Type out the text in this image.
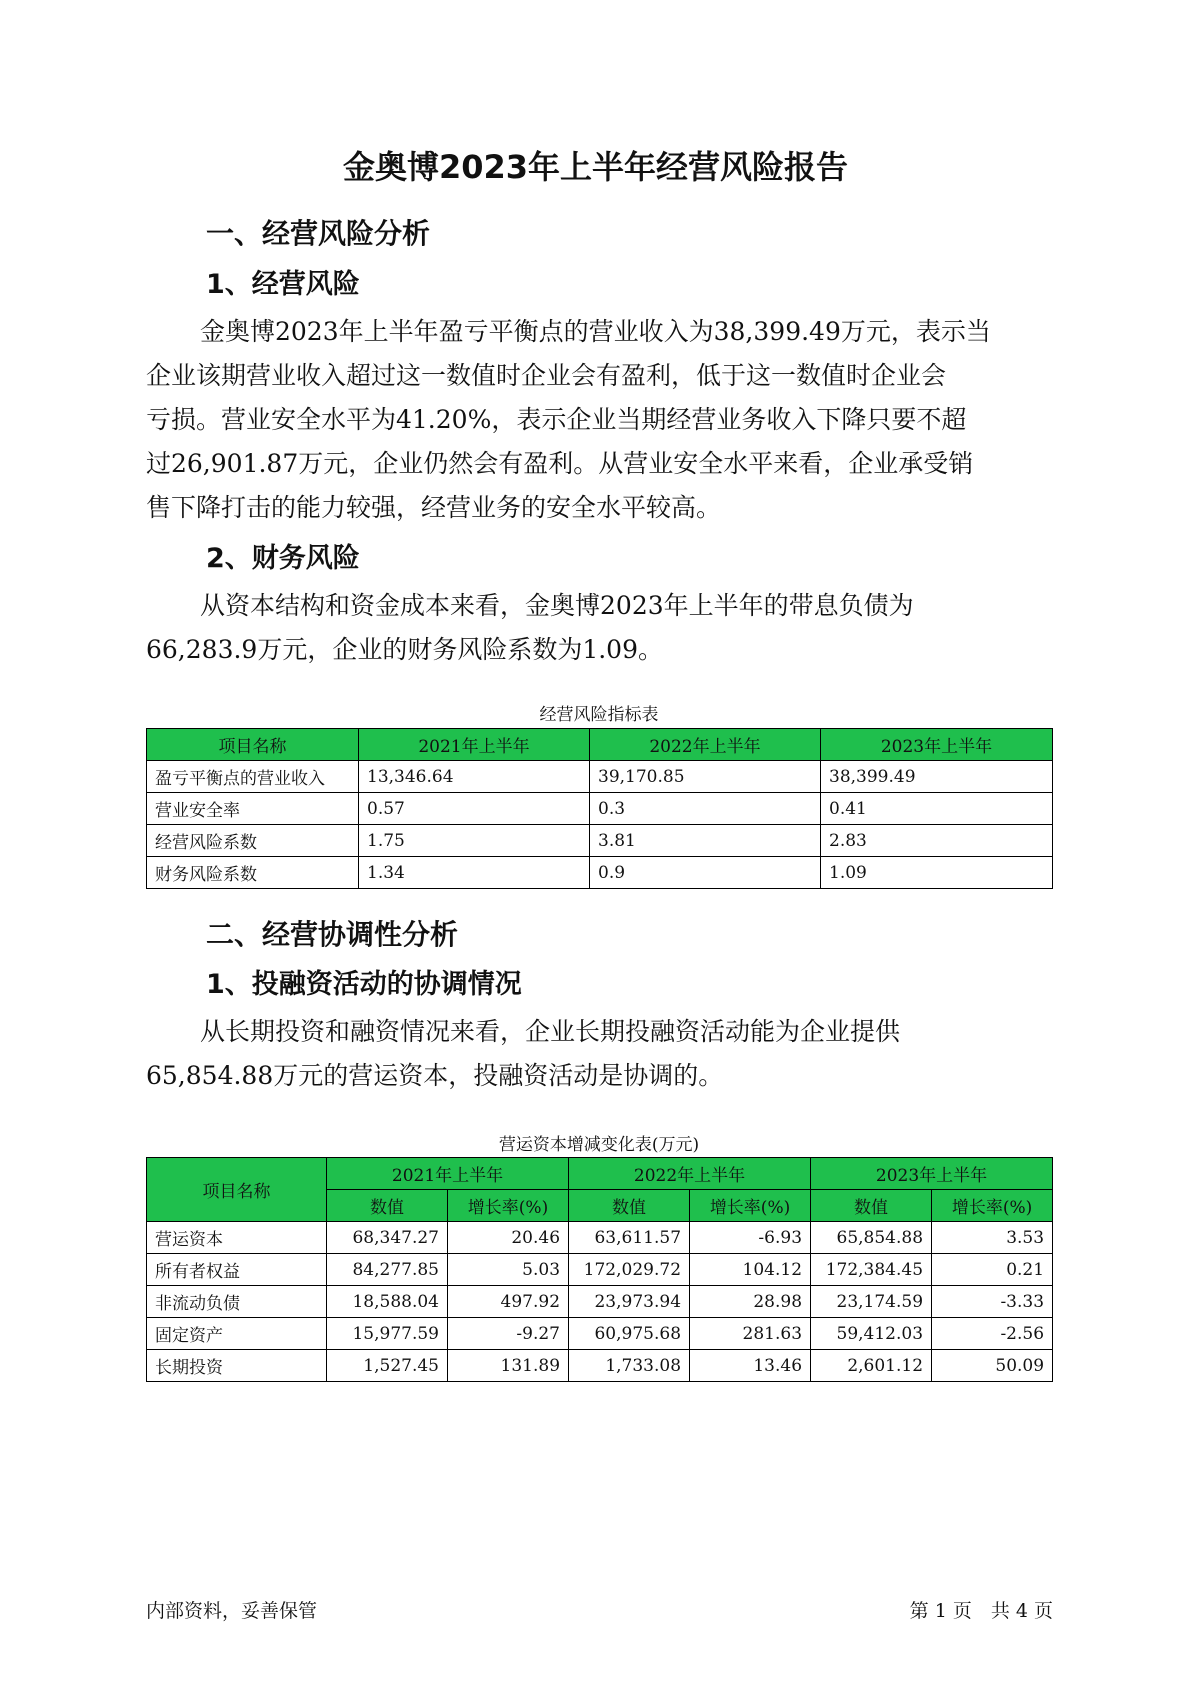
金奥博2023年上半年经营风险报告
一、经营风险分析
1、经营风险
金奥博2023年上半年盈亏平衡点的营业收入为38,399.49万元，表示当
企业该期营业收入超过这一数值时企业会有盈利，低于这一数值时企业会
亏损。营业安全水平为41.20%，表示企业当期经营业务收入下降只要不超
过26,901.87万元，企业仍然会有盈利。从营业安全水平来看，企业承受销
售下降打击的能力较强，经营业务的安全水平较高。
2、财务风险
从资本结构和资金成本来看，金奥博2023年上半年的带息负债为
66,283.9万元，企业的财务风险系数为1.09。
经营风险指标表
项目名称	2021年上半年	2022年上半年	2023年上半年
盈亏平衡点的营业收入	13,346.64	39,170.85	38,399.49
营业安全率	0.57	0.3	0.41
经营风险系数	1.75	3.81	2.83
财务风险系数	1.34	0.9	1.09
二、经营协调性分析
1、投融资活动的协调情况
从长期投资和融资情况来看，企业长期投融资活动能为企业提供
65,854.88万元的营运资本，投融资活动是协调的。
营运资本增减变化表(万元)
项目名称	2021年上半年		2022年上半年		2023年上半年	
	数值	增长率(%)	数值	增长率(%)	数值	增长率(%)
营运资本	68,347.27	20.46	63,611.57	-6.93	65,854.88	3.53
所有者权益	84,277.85	5.03	172,029.72	104.12	172,384.45	0.21
非流动负债	18,588.04	497.92	23,973.94	28.98	23,174.59	-3.33
固定资产	15,977.59	-9.27	60,975.68	281.63	59,412.03	-2.56
长期投资	1,527.45	131.89	1,733.08	13.46	2,601.12	50.09
内部资料，妥善保管	第 1 页　共 4 页
